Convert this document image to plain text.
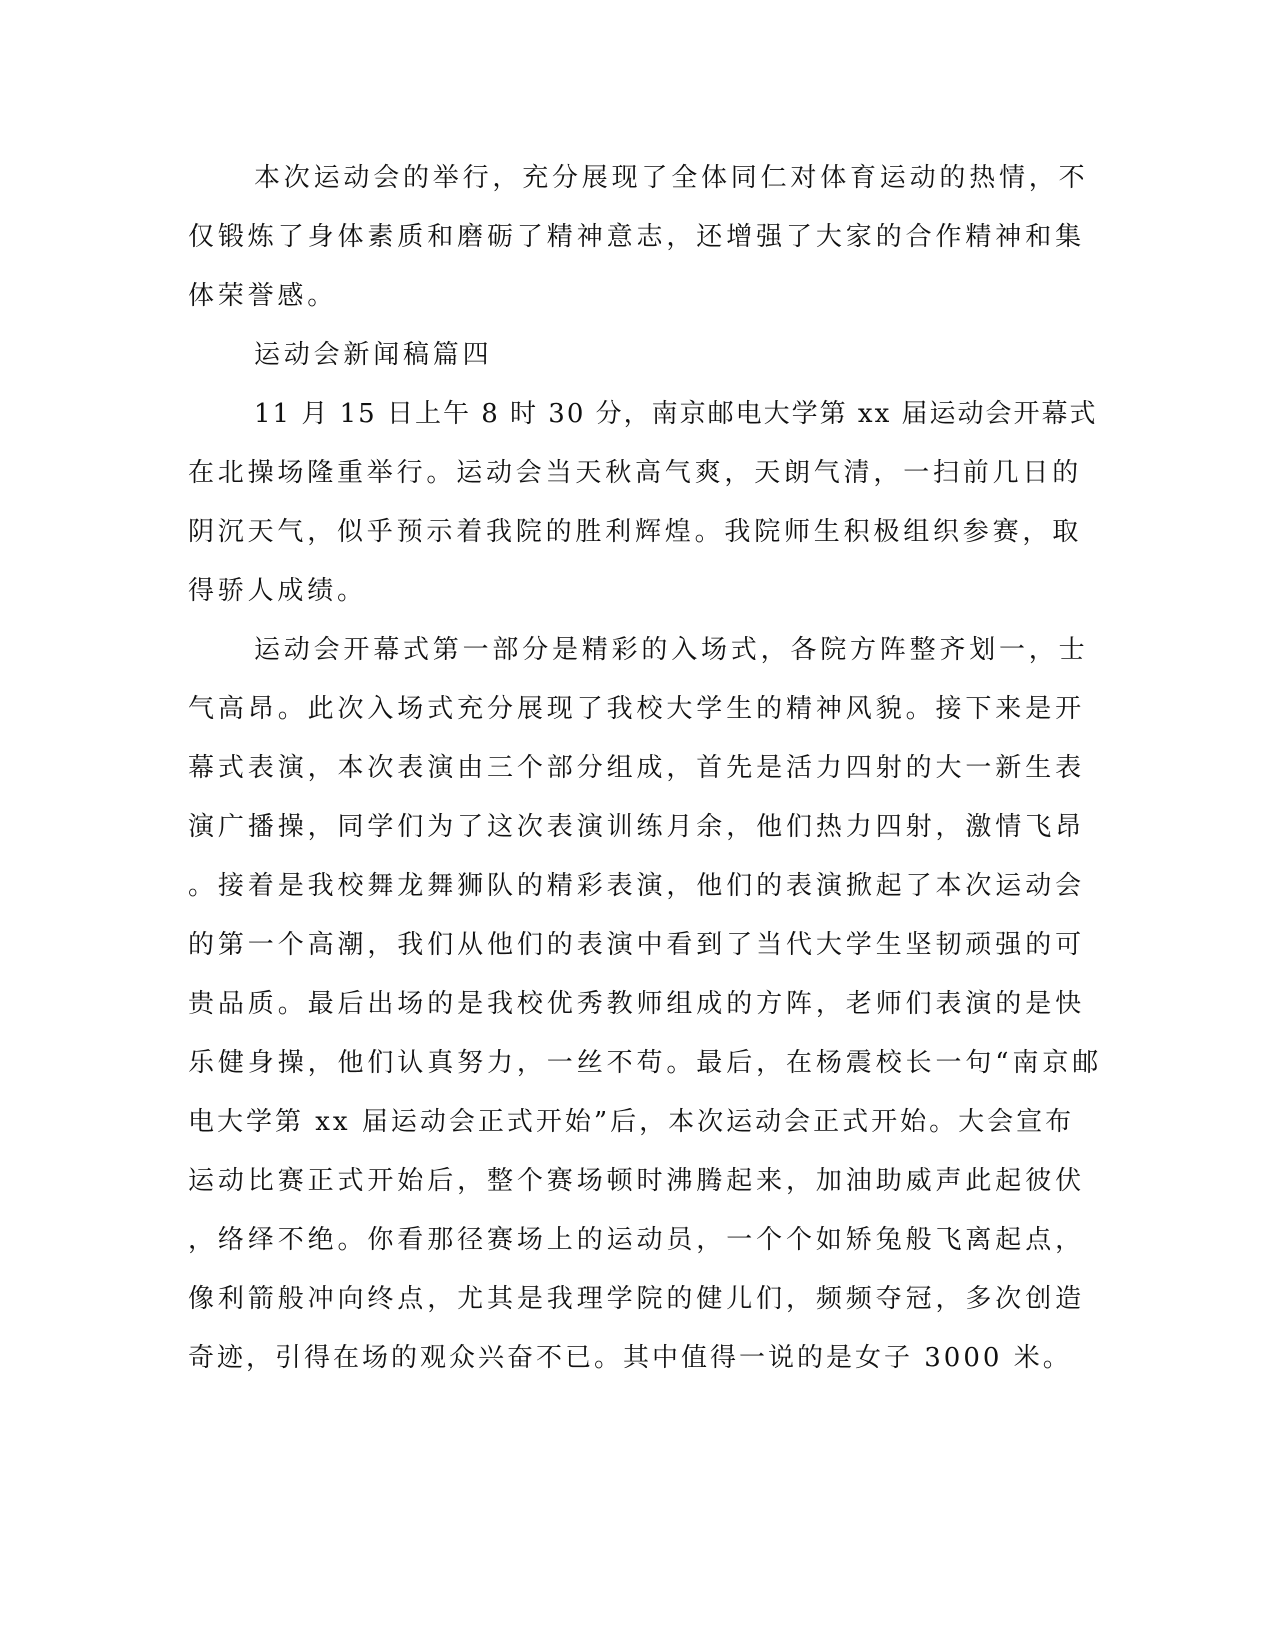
本次运动会的举行，充分展现了全体同仁对体育运动的热情，不
仅锻炼了身体素质和磨砺了精神意志，还增强了大家的合作精神和集
体荣誉感。
运动会新闻稿篇四
11 月 15 日上午 8 时 30 分，南京邮电大学第 xx 届运动会开幕式
在北操场隆重举行。运动会当天秋高气爽，天朗气清，一扫前几日的
阴沉天气，似乎预示着我院的胜利辉煌。我院师生积极组织参赛，取
得骄人成绩。
运动会开幕式第一部分是精彩的入场式，各院方阵整齐划一，士
气高昂。此次入场式充分展现了我校大学生的精神风貌。接下来是开
幕式表演，本次表演由三个部分组成，首先是活力四射的大一新生表
演广播操，同学们为了这次表演训练月余，他们热力四射，激情飞昂
。接着是我校舞龙舞狮队的精彩表演，他们的表演掀起了本次运动会
的第一个高潮，我们从他们的表演中看到了当代大学生坚韧顽强的可
贵品质。最后出场的是我校优秀教师组成的方阵，老师们表演的是快
乐健身操，他们认真努力，一丝不苟。最后，在杨震校长一句“南京邮
电大学第 xx 届运动会正式开始”后，本次运动会正式开始。大会宣布
运动比赛正式开始后，整个赛场顿时沸腾起来，加油助威声此起彼伏
，络绎不绝。你看那径赛场上的运动员，一个个如矫兔般飞离起点，
像利箭般冲向终点，尤其是我理学院的健儿们，频频夺冠，多次创造
奇迹，引得在场的观众兴奋不已。其中值得一说的是女子 3000 米。
